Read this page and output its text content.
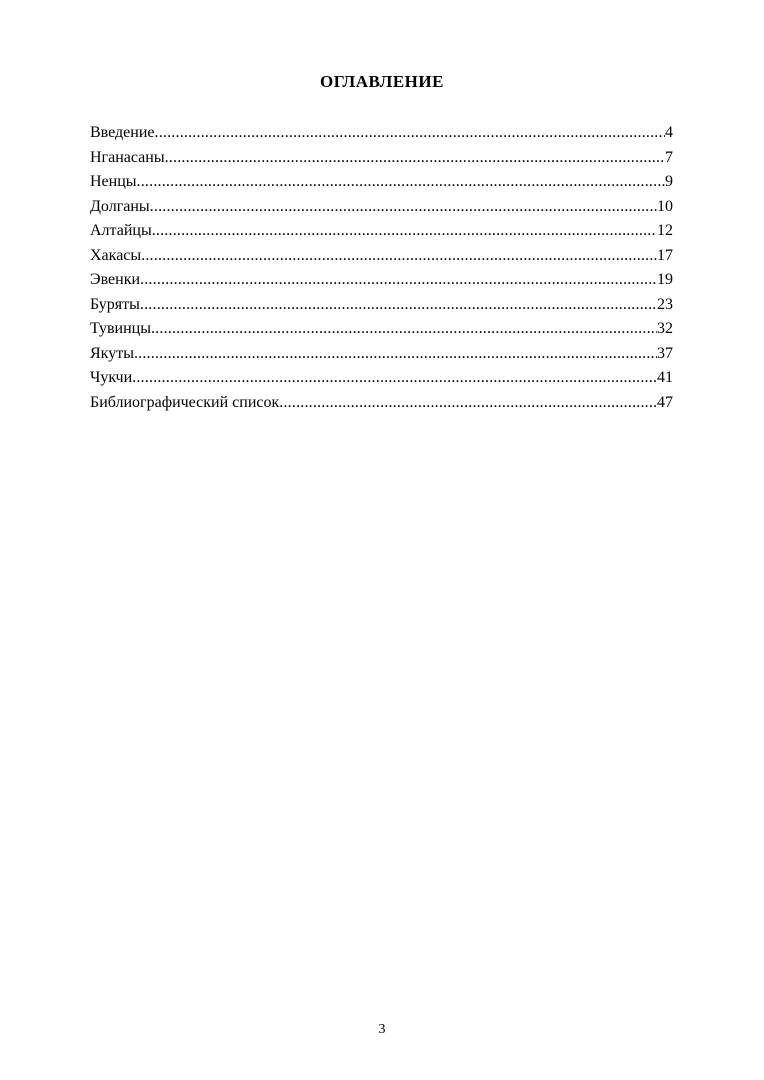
ОГЛАВЛЕНИЕ
Введение .....	4
Нганасаны .....	7
Ненцы .....	9
Долганы .....	10
Алтайцы .....	12
Хакасы .....	17
Эвенки .....	19
Буряты .....	23
Тувинцы .....	32
Якуты .....	37
Чукчи .....	41
Библиографический список .....	47
3
